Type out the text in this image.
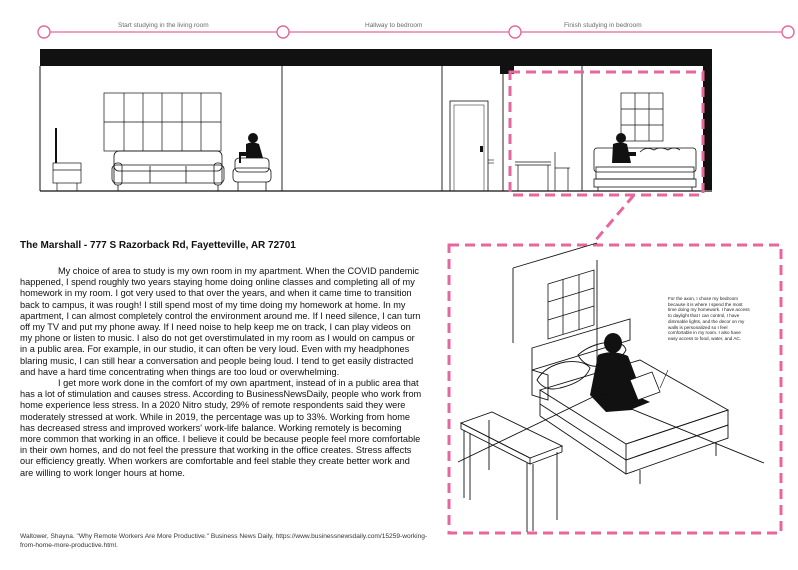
Start studying in the living room	Hallway to bedroom	Finish studying in bedroom
The Marshall - 777 S Razorback Rd, Fayetteville, AR 72701

My choice of area to study is my own room in my apartment. When the COVID pandemic happened, I spend roughly two years staying home doing online classes and completing all of my homework in my room. I got very used to that over the years, and when it came time to transition back to campus, it was rough! I still spend most of my time doing my homework at home. In my apartment, I can almost completely control the environment around me. If I need silence, I can turn off my TV and put my phone away. If I need noise to help keep me on track, I can play videos on my phone or listen to music. I also do not get overstimulated in my room as I would on campus or in a public area. For example, in our studio, it can often be very loud. Even with my headphones blaring music, I can still hear a conversation and people being loud. I tend to get easily distracted and have a hard time concentrating when things are too loud or overwhelming.

I get more work done in the comfort of my own apartment, instead of in a public area that has a lot of stimulation and causes stress. According to BusinessNewsDaily, people who work from home experience less stress. In a 2020 Nitro study, 29% of remote respondents said they were moderately stressed at work. While in 2019, the percentage was up to 33%. Working from home has decreased stress and improved workers' work-life balance. Working remotely is becoming more common that working in an office. I believe it could be because people feel more comfortable in their own homes, and do not feel the pressure that working in the office creates. Stress affects our efficiency greatly. When workers are comfortable and feel stable they create better work and are willing to work longer hours at home.

Waltower, Shayna. "Why Remote Workers Are More Productive." Business News Daily, https://www.businessnewsdaily.com/15259-working-from-home-more-productive.html.
For the axon, I chose my bedroom because it is where I spend the most time doing my homework. I have access to daylight that I can control, I have dimmable lights, and the decor on my walls is personalized so I feel comfortable in my room. I also have easy access to food, water, and AC.
